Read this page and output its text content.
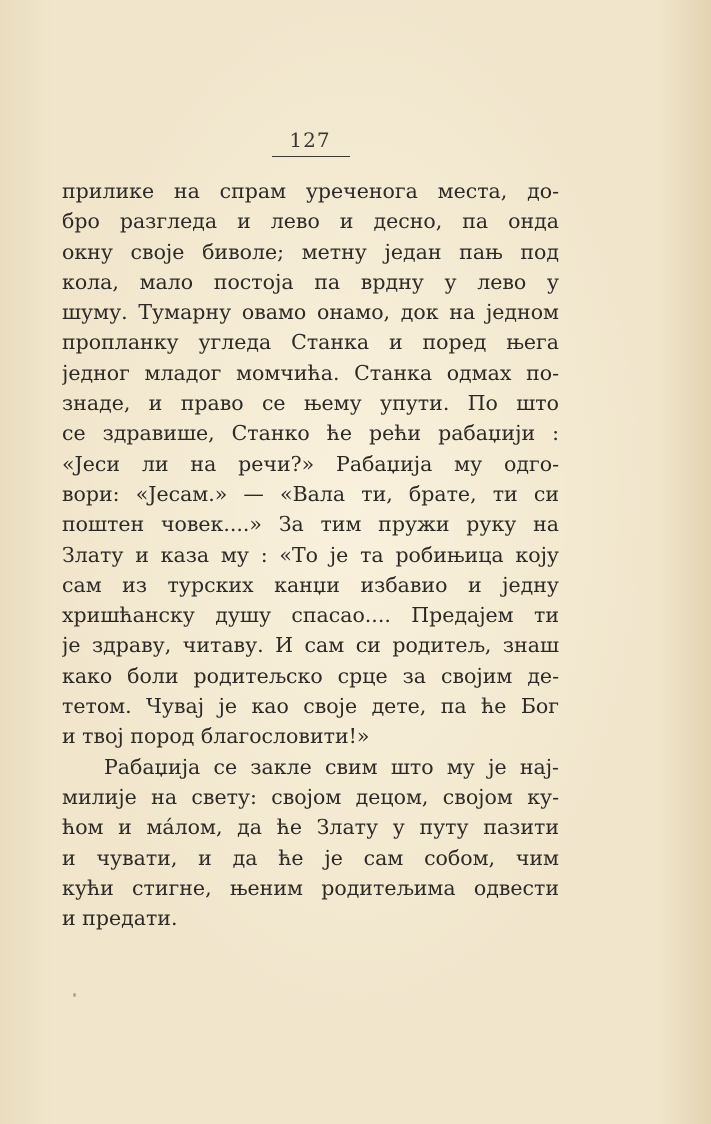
127
прилике на спрам уреченога места, до-
бро разгледа и лево и десно, па онда
окну своје биволе; метну један пањ под
кола, мало постоја па врдну у лево у
шуму. Тумарну овамо онамо, док на једном
пропланку угледа Станка и поред њега
једног младог момчића. Станка одмах по-
знаде, и право се њему упути. По што
се здравише, Станко ће рећи рабаџији :
«Јеси ли на речи?» Рабаџија му одго-
вори: «Јесам.» — «Вала ти, брате, ти си
поштен човек....» За тим пружи руку на
Злату и каза му : «То је та робињица коју
сам из турских канџи избавио и једну
хришћанску душу спасао.... Предајем ти
је здраву, читаву. И сам си родитељ, знаш
како боли родитељско срце за својим де-
тетом. Чувај је као своје дете, па ће Бог
и твој пород благословити!»
Рабаџија се закле свим што му је нај-
милије на свету: својом децом, својом ку-
ћом и ма́лом, да ће Злату у путу пазити
и чувати, и да ће је сам собом, чим
кући стигне, њеним родитељима одвести
и предати.
